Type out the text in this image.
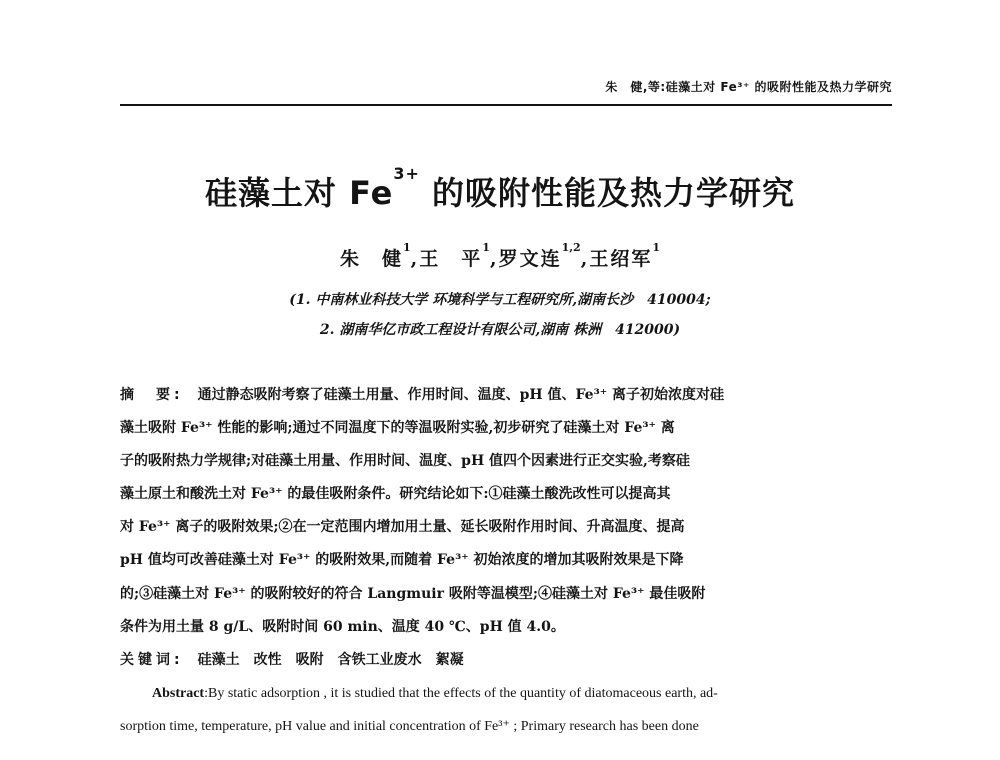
朱　健,等:硅藻土对 Fe³⁺ 的吸附性能及热力学研究
硅藻土对 $Fe^{3+}$ 的吸附性能及热力学研究
朱　健$^1$,王　平$^1$,罗文连$^{1,2}$,王绍军$^1$
(1. 中南林业科技大学 环境科学与工程研究所,湖南长沙　410004;
2. 湖南华亿市政工程设计有限公司,湖南 株洲　412000)
摘　要: 通过静态吸附考察了硅藻土用量、作用时间、温度、pH 值、Fe³⁺ 离子初始浓度对硅
藻土吸附 Fe³⁺ 性能的影响;通过不同温度下的等温吸附实验,初步研究了硅藻土对 Fe³⁺ 离
子的吸附热力学规律;对硅藻土用量、作用时间、温度、pH 值四个因素进行正交实验,考察硅
藻土原土和酸洗土对 Fe³⁺ 的最佳吸附条件。研究结论如下:①硅藻土酸洗改性可以提高其
对 Fe³⁺ 离子的吸附效果;②在一定范围内增加用土量、延长吸附作用时间、升高温度、提高
pH 值均可改善硅藻土对 Fe³⁺ 的吸附效果,而随着 Fe³⁺ 初始浓度的增加其吸附效果是下降
的;③硅藻土对 Fe³⁺ 的吸附较好的符合 Langmuir 吸附等温模型;④硅藻土对 Fe³⁺ 最佳吸附
条件为用土量 8 g/L、吸附时间 60 min、温度 40 ℃、pH 值 4.0。
关键词: 硅藻土　改性　吸附　含铁工业废水　絮凝
Abstract:By static adsorption , it is studied that the effects of the quantity of diatomaceous earth, ad-
sorption time, temperature, pH value and initial concentration of Fe³⁺ ; Primary research has been done
